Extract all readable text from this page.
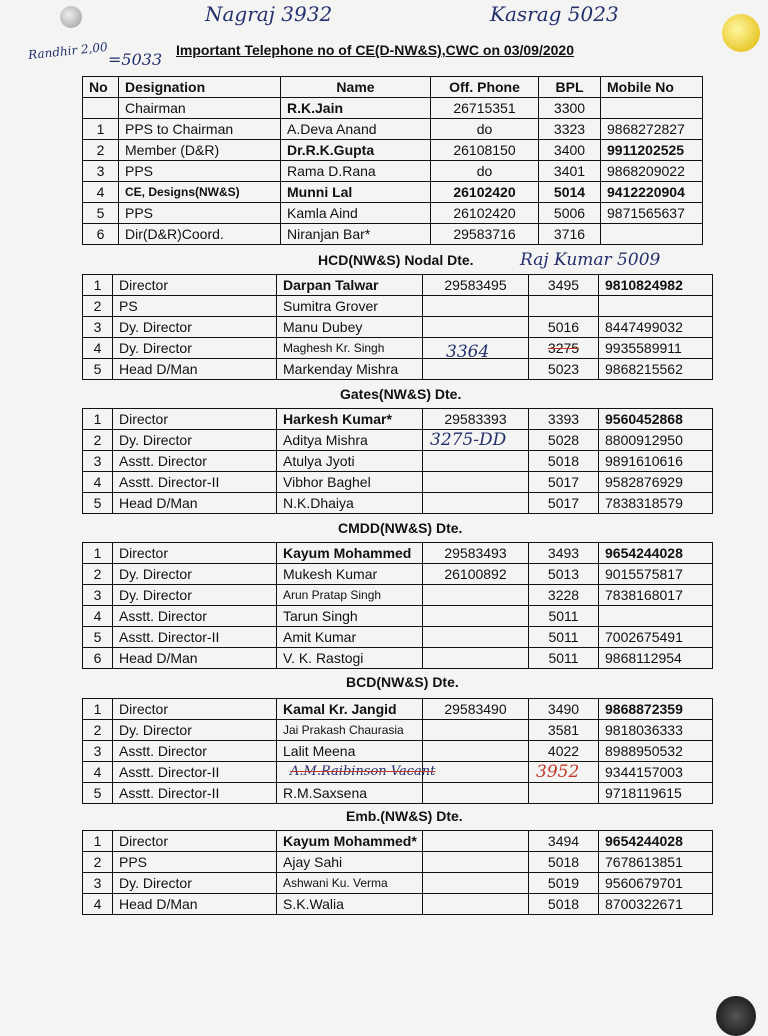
Nagraj 3932	Kasrag 5023
Randhir 2,00 =5033 Important Telephone no of CE(D-NW&S),CWC on 03/09/2020
No	Designation	Name	Off. Phone	BPL	Mobile No
	Chairman	R.K.Jain	26715351	3300	
1	PPS to Chairman	A.Deva Anand	do	3323	9868272827
2	Member (D&R)	Dr.R.K.Gupta	26108150	3400	9911202525
3	PPS	Rama D.Rana	do	3401	9868209022
4	CE, Designs(NW&S)	Munni Lal	26102420	5014	9412220904
5	PPS	Kamla Aind	26102420	5006	9871565637
6	Dir(D&R)Coord.	Niranjan Bar*	29583716	3716	
HCD(NW&S) Nodal Dte.	Raj Kumar 5009
1	Director	Darpan Talwar	29583495	3495	9810824982
2	PS	Sumitra Grover			
3	Dy. Director	Manu Dubey		5016	8447499032
4	Dy. Director	Maghesh Kr. Singh		3275	9935589911
5	Head D/Man	Markenday Mishra		5023	9868215562
3364
Gates(NW&S) Dte.
1	Director	Harkesh Kumar*	29583393	3393	9560452868
2	Dy. Director	Aditya Mishra		5028	8800912950
3	Asstt. Director	Atulya Jyoti		5018	9891610616
4	Asstt. Director-II	Vibhor Baghel		5017	9582876929
5	Head D/Man	N.K.Dhaiya		5017	7838318579
3275-DD
CMDD(NW&S) Dte.
1	Director	Kayum Mohammed	29583493	3493	9654244028
2	Dy. Director	Mukesh Kumar	26100892	5013	9015575817
3	Dy. Director	Arun Pratap Singh		3228	7838168017
4	Asstt. Director	Tarun Singh		5011	
5	Asstt. Director-II	Amit Kumar		5011	7002675491
6	Head D/Man	V. K. Rastogi		5011	9868112954
BCD(NW&S) Dte.
1	Director	Kamal Kr. Jangid	29583490	3490	9868872359
2	Dy. Director	Jai Prakash Chaurasia		3581	9818036333
3	Asstt. Director	Lalit Meena		4022	8988950532
4	Asstt. Director-II				9344157003
5	Asstt. Director-II	R.M.Saxsena			9718119615
A.M.Raibinson Vacant	3952
Emb.(NW&S) Dte.
1	Director	Kayum Mohammed*		3494	9654244028
2	PPS	Ajay Sahi		5018	7678613851
3	Dy. Director	Ashwani Ku. Verma		5019	9560679701
4	Head D/Man	S.K.Walia		5018	8700322671
